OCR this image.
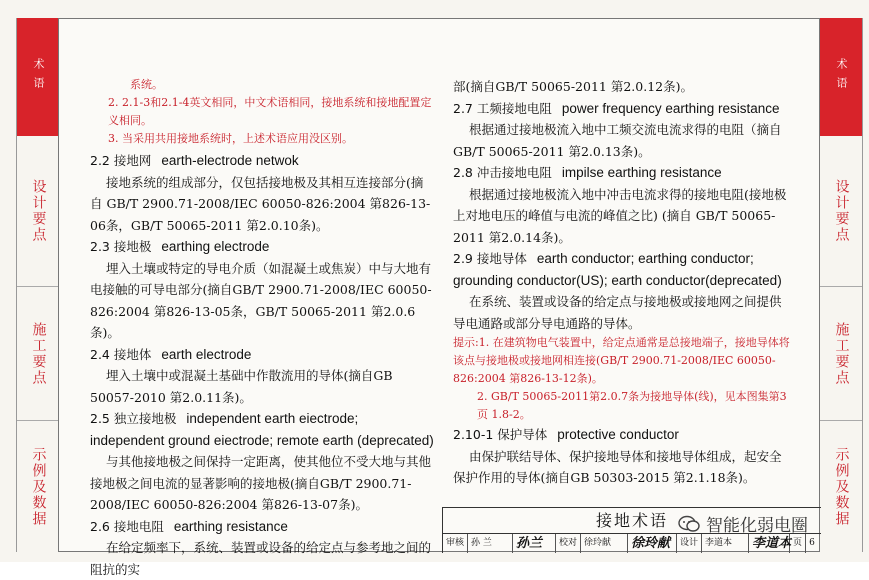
术语
设计要点
施工要点
示例及数据
术语
设计要点
施工要点
示例及数据

系统。

2. 2.1-3和2.1-4英文相同，中文术语相同，接地系统和接地配置定义相同。

3. 当采用共用接地系统时，上述术语应用没区别。

2.2 接地网 earth-electrode netwok

接地系统的组成部分，仅包括接地极及其相互连接部分(摘自 GB/T 2900.71-2008/IEC 60050-826:2004 第826-13-06条，GB/T 50065-2011 第2.0.10条)。

2.3 接地极 earthing electrode

埋入土壤或特定的导电介质（如混凝土或焦炭）中与大地有电接触的可导电部分(摘自GB/T 2900.71-2008/IEC 60050-826:2004 第826-13-05条，GB/T 50065-2011 第2.0.6条)。

2.4 接地体 earth electrode

埋入土壤中或混凝土基础中作散流用的导体(摘自GB 50057-2010 第2.0.11条)。

2.5 独立接地极 independent earth eiectrode; independent ground eiectrode; remote earth (deprecated)

与其他接地极之间保持一定距离，使其他位不受大地与其他接地极之间电流的显著影响的接地极(摘自GB/T 2900.71-2008/IEC 60050-826:2004 第826-13-07条)。

2.6 接地电阻 earthing resistance

在给定频率下，系统、装置或设备的给定点与参考地之间的阻抗的实

部(摘自GB/T 50065-2011 第2.0.12条)。

2.7 工频接地电阻 power frequency earthing resistance

根据通过接地极流入地中工频交流电流求得的电阻（摘自GB/T 50065-2011 第2.0.13条)。

2.8 冲击接地电阻 impilse earthing resistance

根据通过接地极流入地中冲击电流求得的接地电阻(接地极上对地电压的峰值与电流的峰值之比) (摘自 GB/T 50065-2011 第2.0.14条)。

2.9 接地导体 earth conductor; earthing conductor; grounding conductor(US); earth conductor(deprecated)

在系统、装置或设备的给定点与接地极或接地网之间提供导电通路或部分导电通路的导体。

提示:1. 在建筑物电气装置中，给定点通常是总接地端子，接地导体将该点与接地极或接地网相连接(GB/T 2900.71-2008/IEC 60050-826:2004 第826-13-12条)。

2. GB/T 50065-2011第2.0.7条为接地导体(线)，见本图集第3页 1.8-2。

2.10-1 保护导体 protective conductor

由保护联结导体、保护接地导体和接地导体组成，起安全保护作用的导体(摘自GB 50303-2015 第2.1.18条)。

接地术语
审核 孙 兰	孙兰	校对 徐玲献	徐玲献	设计 李道本	李道本 页 6
智能化弱电圈
